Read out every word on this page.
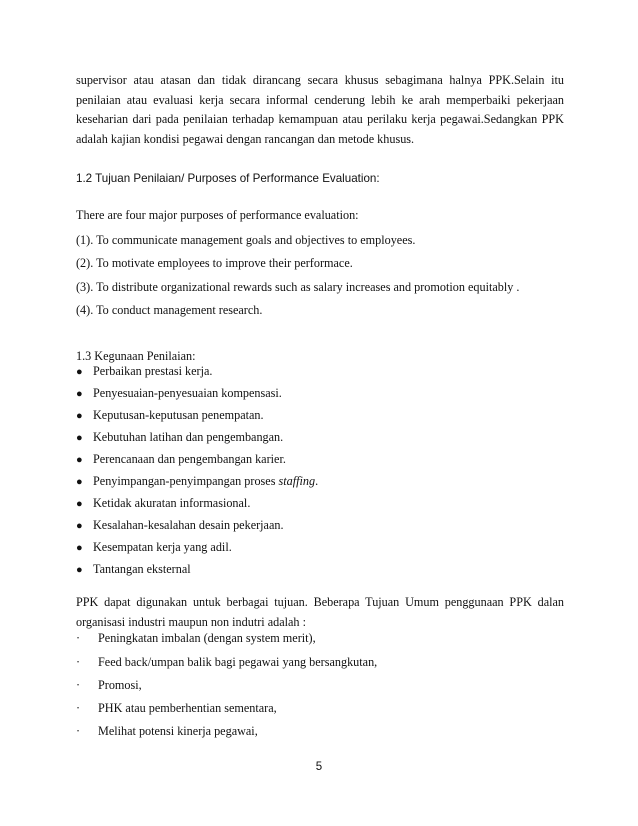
supervisor atau atasan dan tidak dirancang secara khusus sebagimana halnya PPK.Selain itu
penilaian atau evaluasi kerja secara informal cenderung lebih ke arah memperbaiki pekerjaan
keseharian dari pada penilaian terhadap kemampuan atau perilaku kerja pegawai.Sedangkan PPK
adalah kajian kondisi pegawai dengan rancangan dan metode khusus.
1.2 Tujuan Penilaian/ Purposes of Performance Evaluation:
There are four major purposes of performance evaluation:
(1). To communicate management goals and objectives to employees.
(2). To motivate employees to improve their performace.
(3). To distribute organizational rewards such as salary increases and promotion equitably .
(4). To conduct management research.
1.3 Kegunaan Penilaian:
● Perbaikan prestasi kerja.
● Penyesuaian-penyesuaian kompensasi.
● Keputusan-keputusan penempatan.
● Kebutuhan latihan dan pengembangan.
● Perencanaan dan pengembangan karier.
● Penyimpangan-penyimpangan proses staffing.
● Ketidak akuratan informasional.
● Kesalahan-kesalahan desain pekerjaan.
● Kesempatan kerja yang adil.
● Tantangan eksternal
PPK dapat digunakan untuk berbagai tujuan. Beberapa Tujuan Umum penggunaan PPK dalan
organisasi industri maupun non indutri adalah :
· Peningkatan imbalan (dengan system merit),
· Feed back/umpan balik bagi pegawai yang bersangkutan,
· Promosi,
· PHK atau pemberhentian sementara,
· Melihat potensi kinerja pegawai,
5
